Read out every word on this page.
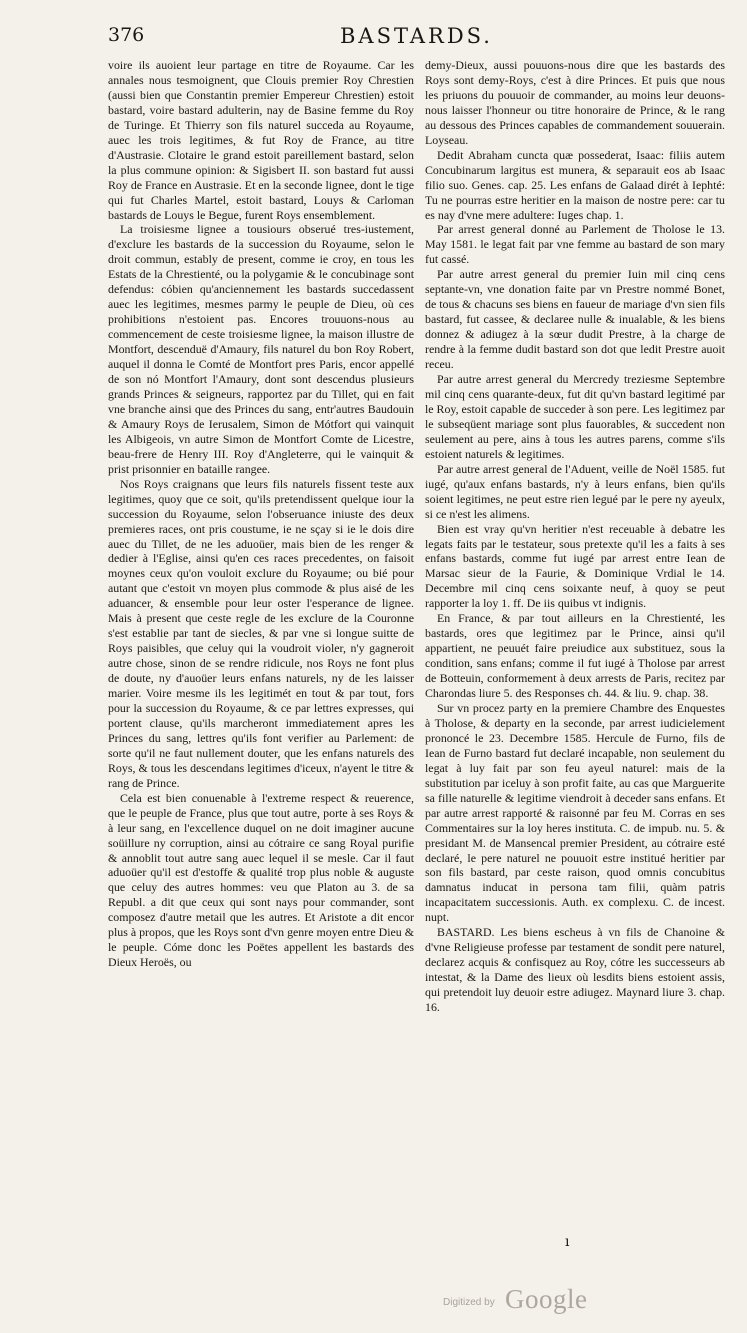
376	BASTARDS.

voire ils auoient leur partage en titre de Royaume. Car les annales nous tesmoignent, que Clouis premier Roy Chrestien (aussi bien que Constantin premier Empereur Chrestien) estoit bastard, voire bastard adulterin, nay de Basine femme du Roy de Turinge. Et Thierry son fils naturel succeda au Royaume, auec les trois legitimes, & fut Roy de France, au titre d'Austrasie. Clotaire le grand estoit pareillement bastard, selon la plus commune opinion: & Sigisbert II. son bastard fut aussi Roy de France en Austrasie. Et en la seconde lignee, dont le tige qui fut Charles Martel, estoit bastard, Louys & Carloman bastards de Louys le Begue, furent Roys ensemblement.

La troisiesme lignee a tousiours obserué tres-iustement, d'exclure les bastards de la succession du Royaume, selon le droit commun, estably de present, comme ie croy, en tous les Estats de la Chrestienté, ou la polygamie & le concubinage sont defendus: cóbien qu'anciennement les bastards succedassent auec les legitimes, mesmes parmy le peuple de Dieu, où ces prohibitions n'estoient pas. Encores trouuons-nous au commencement de ceste troisiesme lignee, la maison illustre de Montfort, descenduë d'Amaury, fils naturel du bon Roy Robert, auquel il donna le Comté de Montfort pres Paris, encor appellé de son nó Montfort l'Amaury, dont sont descendus plusieurs grands Princes & seigneurs, rapportez par du Tillet, qui en fait vne branche ainsi que des Princes du sang, entr'autres Baudouin & Amaury Roys de Ierusalem, Simon de Mótfort qui vainquit les Albigeois, vn autre Simon de Montfort Comte de Licestre, beau-frere de Henry III. Roy d'Angleterre, qui le vainquit & prist prisonnier en bataille rangee.

Nos Roys craignans que leurs fils naturels fissent teste aux legitimes, quoy que ce soit, qu'ils pretendissent quelque iour la succession du Royaume, selon l'obseruance iniuste des deux premieres races, ont pris coustume, ie ne sçay si ie le dois dire auec du Tillet, de ne les aduoüer, mais bien de les renger & dedier à l'Eglise, ainsi qu'en ces races precedentes, on faisoit moynes ceux qu'on vouloit exclure du Royaume; ou bié pour autant que c'estoit vn moyen plus commode & plus aisé de les aduancer, & ensemble pour leur oster l'esperance de lignee. Mais à present que ceste regle de les exclure de la Couronne s'est establie par tant de siecles, & par vne si longue suitte de Roys paisibles, que celuy qui la voudroit violer, n'y gagneroit autre chose, sinon de se rendre ridicule, nos Roys ne font plus de doute, ny d'auoüer leurs enfans naturels, ny de les laisser marier. Voire mesme ils les legitimét en tout & par tout, fors pour la succession du Royaume, & ce par lettres expresses, qui portent clause, qu'ils marcheront immediatement apres les Princes du sang, lettres qu'ils font verifier au Parlement: de sorte qu'il ne faut nullement douter, que les enfans naturels des Roys, & tous les descendans legitimes d'iceux, n'ayent le titre & rang de Prince.

Cela est bien conuenable à l'extreme respect & reuerence, que le peuple de France, plus que tout autre, porte à ses Roys & à leur sang, en l'excellence duquel on ne doit imaginer aucune soüillure ny corruption, ainsi au cótraire ce sang Royal purifie & annoblit tout autre sang auec lequel il se mesle. Car il faut aduoüer qu'il est d'estoffe & qualité trop plus noble & auguste que celuy des autres hommes: veu que Platon au 3. de sa Republ. a dit que ceux qui sont nays pour commander, sont composez d'autre metail que les autres. Et Aristote a dit encor plus à propos, que les Roys sont d'vn genre moyen entre Dieu & le peuple. Cóme donc les Poëtes appellent les bastards des Dieux Heroës, ou

demy-Dieux, aussi pouuons-nous dire que les bastards des Roys sont demy-Roys, c'est à dire Princes. Et puis que nous les priuons du pouuoir de commander, au moins leur deuons-nous laisser l'honneur ou titre honoraire de Prince, & le rang au dessous des Princes capables de commandement souuerain. Loyseau.

Dedit Abraham cuncta quæ possederat, Isaac: filiis autem Concubinarum largitus est munera, & separauit eos ab Isaac filio suo. Genes. cap. 25. Les enfans de Galaad dirét à Iephté: Tu ne pourras estre heritier en la maison de nostre pere: car tu es nay d'vne mere adultere: Iuges chap. 1.

Par arrest general donné au Parlement de Tholose le 13. May 1581. le legat fait par vne femme au bastard de son mary fut cassé.

Par autre arrest general du premier Iuin mil cinq cens septante-vn, vne donation faite par vn Prestre nommé Bonet, de tous & chacuns ses biens en faueur de mariage d'vn sien fils bastard, fut cassee, & declaree nulle & inualable, & les biens donnez & adiugez à la sœur dudit Prestre, à la charge de rendre à la femme dudit bastard son dot que ledit Prestre auoit receu.

Par autre arrest general du Mercredy treziesme Septembre mil cinq cens quarante-deux, fut dit qu'vn bastard legitimé par le Roy, estoit capable de succeder à son pere. Les legitimez par le subseqüent mariage sont plus fauorables, & succedent non seulement au pere, ains à tous les autres parens, comme s'ils estoient naturels & legitimes.

Par autre arrest general de l'Aduent, veille de Noël 1585. fut iugé, qu'aux enfans bastards, n'y à leurs enfans, bien qu'ils soient legitimes, ne peut estre rien legué par le pere ny ayeulx, si ce n'est les alimens.

Bien est vray qu'vn heritier n'est receuable à debatre les legats faits par le testateur, sous pretexte qu'il les a faits à ses enfans bastards, comme fut iugé par arrest entre Iean de Marsac sieur de la Faurie, & Dominique Vrdial le 14. Decembre mil cinq cens soixante neuf, à quoy se peut rapporter la loy 1. ff. De iis quibus vt indignis.

En France, & par tout ailleurs en la Chrestienté, les bastards, ores que legitimez par le Prince, ainsi qu'il appartient, ne peuuét faire preiudice aux substituez, sous la condition, sans enfans; comme il fut iugé à Tholose par arrest de Botteuin, conformement à deux arrests de Paris, recitez par Charondas liure 5. des Responses ch. 44. & liu. 9. chap. 38.

Sur vn procez party en la premiere Chambre des Enquestes à Tholose, & departy en la seconde, par arrest iudicielement prononcé le 23. Decembre 1585. Hercule de Furno, fils de Iean de Furno bastard fut declaré incapable, non seulement du legat à luy fait par son feu ayeul naturel: mais de la substitution par iceluy à son profit faite, au cas que Marguerite sa fille naturelle & legitime viendroit à deceder sans enfans. Et par autre arrest rapporté & raisonné par feu M. Corras en ses Commentaires sur la loy heres instituta. C. de impub. nu. 5. & presidant M. de Mansencal premier President, au cótraire esté declaré, le pere naturel ne pouuoit estre institué heritier par son fils bastard, par ceste raison, quod omnis concubitus damnatus inducat in persona tam filii, quàm patris incapacitatem successionis. Auth. ex complexu. C. de incest. nupt.

BASTARD. Les biens escheus à vn fils de Chanoine & d'vne Religieuse professe par testament de sondit pere naturel, declarez acquis & confisquez au Roy, cótre les successeurs ab intestat, & la Dame des lieux où lesdits biens estoient assis, qui pretendoit luy deuoir estre adiugez. Maynard liure 3. chap. 16.

ı
Digitized by Google
